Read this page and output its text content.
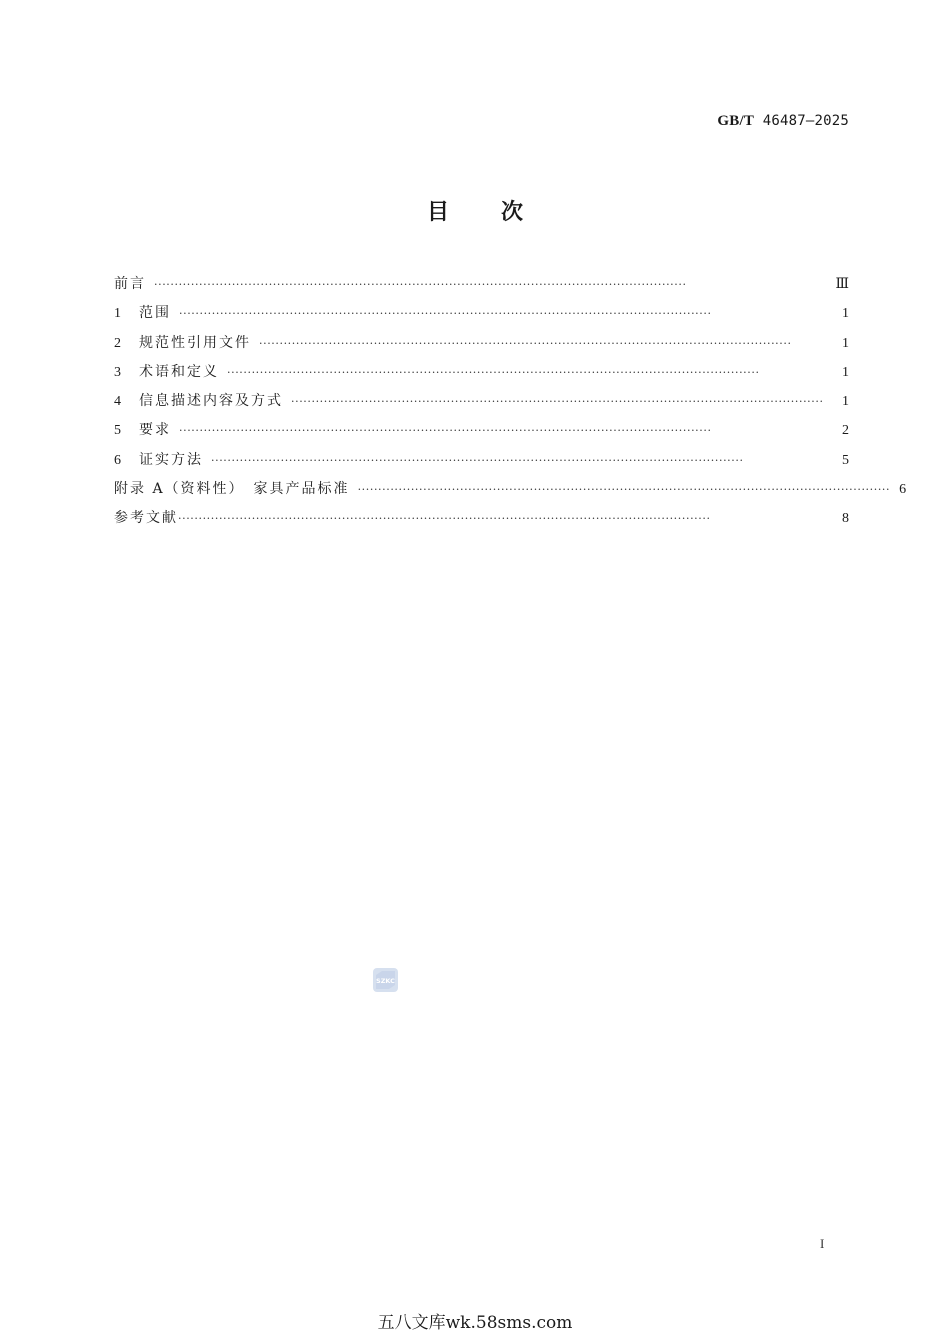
GB/T 46487—2025
目 次
前言 ··································································································································	Ⅲ
1	范围 ··································································································································	1
2	规范性引用文件 ··································································································································	1
3	术语和定义 ··································································································································	1
4	信息描述内容及方式 ··································································································································	1
5	要求 ··································································································································	2
6	证实方法 ··································································································································	5
附录 A（资料性）　家具产品标准 ·································································································································· 6
参考文献 ··································································································································	8
SZKC
I
五八文库wk.58sms.com
